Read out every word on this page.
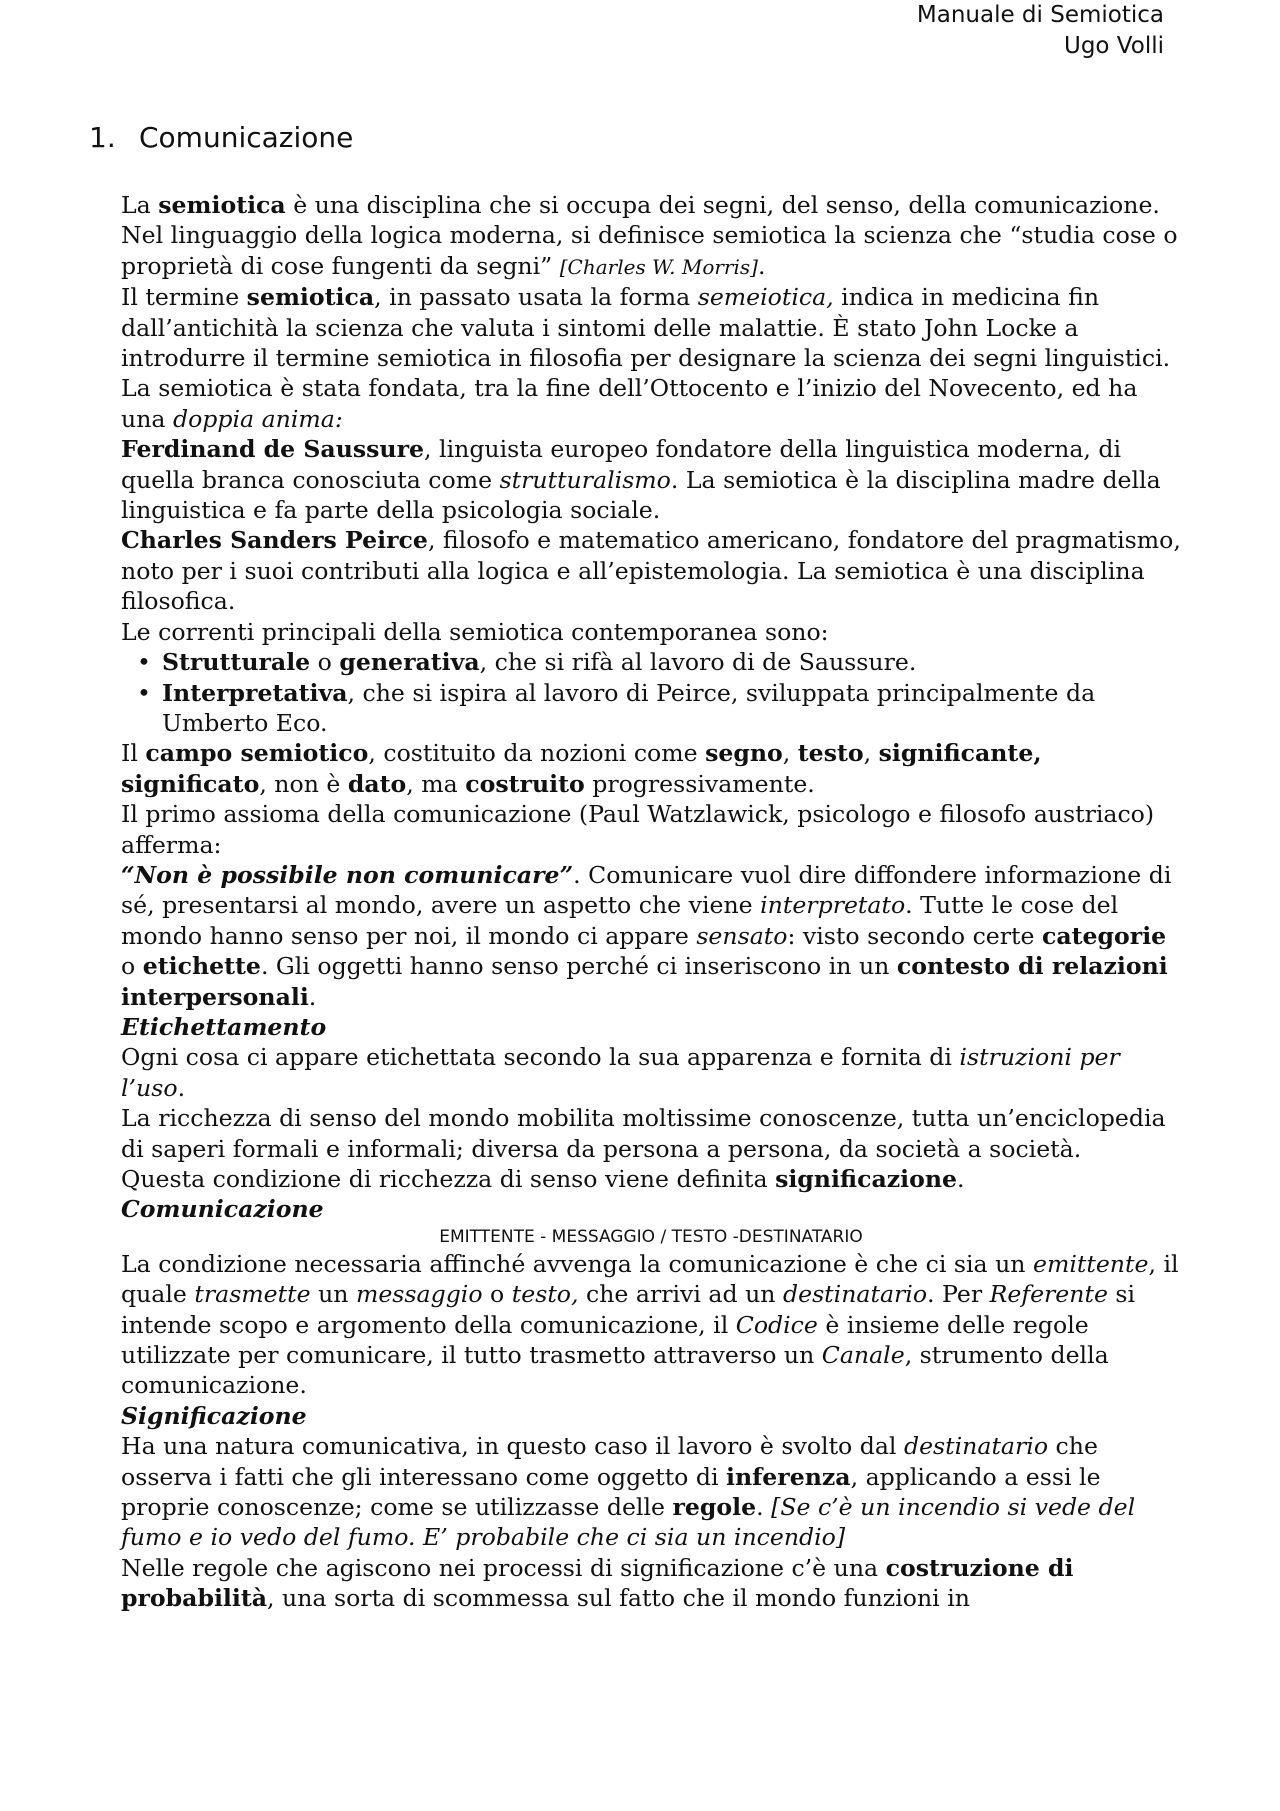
Manuale di Semiotica
Ugo Volli
1. Comunicazione

La semiotica è una disciplina che si occupa dei segni, del senso, della comunicazione.

Nel linguaggio della logica moderna, si definisce semiotica la scienza che “studia cose o proprietà di cose fungenti da segni” [Charles W. Morris].

Il termine semiotica, in passato usata la forma semeiotica, indica in medicina fin dall’antichità la scienza che valuta i sintomi delle malattie. È stato John Locke a introdurre il termine semiotica in filosofia per designare la scienza dei segni linguistici.

La semiotica è stata fondata, tra la fine dell’Ottocento e l’inizio del Novecento, ed ha una doppia anima:

Ferdinand de Saussure, linguista europeo fondatore della linguistica moderna, di quella branca conosciuta come strutturalismo. La semiotica è la disciplina madre della linguistica e fa parte della psicologia sociale.

Charles Sanders Peirce, filosofo e matematico americano, fondatore del pragmatismo, noto per i suoi contributi alla logica e all’epistemologia. La semiotica è una disciplina filosofica.

Le correnti principali della semiotica contemporanea sono:

• Strutturale o generativa, che si rifà al lavoro di de Saussure.
• Interpretativa, che si ispira al lavoro di Peirce, sviluppata principalmente da Umberto Eco.

Il campo semiotico, costituito da nozioni come segno, testo, significante, significato, non è dato, ma costruito progressivamente.

Il primo assioma della comunicazione (Paul Watzlawick, psicologo e filosofo austriaco) afferma:

“Non è possibile non comunicare”. Comunicare vuol dire diffondere informazione di sé, presentarsi al mondo, avere un aspetto che viene interpretato. Tutte le cose del mondo hanno senso per noi, il mondo ci appare sensato: visto secondo certe categorie o etichette. Gli oggetti hanno senso perché ci inseriscono in un contesto di relazioni interpersonali.

Etichettamento

Ogni cosa ci appare etichettata secondo la sua apparenza e fornita di istruzioni per l’uso.

La ricchezza di senso del mondo mobilita moltissime conoscenze, tutta un’enciclopedia di saperi formali e informali; diversa da persona a persona, da società a società.

Questa condizione di ricchezza di senso viene definita significazione.

Comunicazione

EMITTENTE - MESSAGGIO / TESTO -DESTINATARIO

La condizione necessaria affinché avvenga la comunicazione è che ci sia un emittente, il quale trasmette un messaggio o testo, che arrivi ad un destinatario. Per Referente si intende scopo e argomento della comunicazione, il Codice è insieme delle regole utilizzate per comunicare, il tutto trasmetto attraverso un Canale, strumento della comunicazione.

Significazione

Ha una natura comunicativa, in questo caso il lavoro è svolto dal destinatario che osserva i fatti che gli interessano come oggetto di inferenza, applicando a essi le proprie conoscenze; come se utilizzasse delle regole. [Se c’è un incendio si vede del fumo e io vedo del fumo. E’ probabile che ci sia un incendio]

Nelle regole che agiscono nei processi di significazione c’è una costruzione di probabilità, una sorta di scommessa sul fatto che il mondo funzioni in
